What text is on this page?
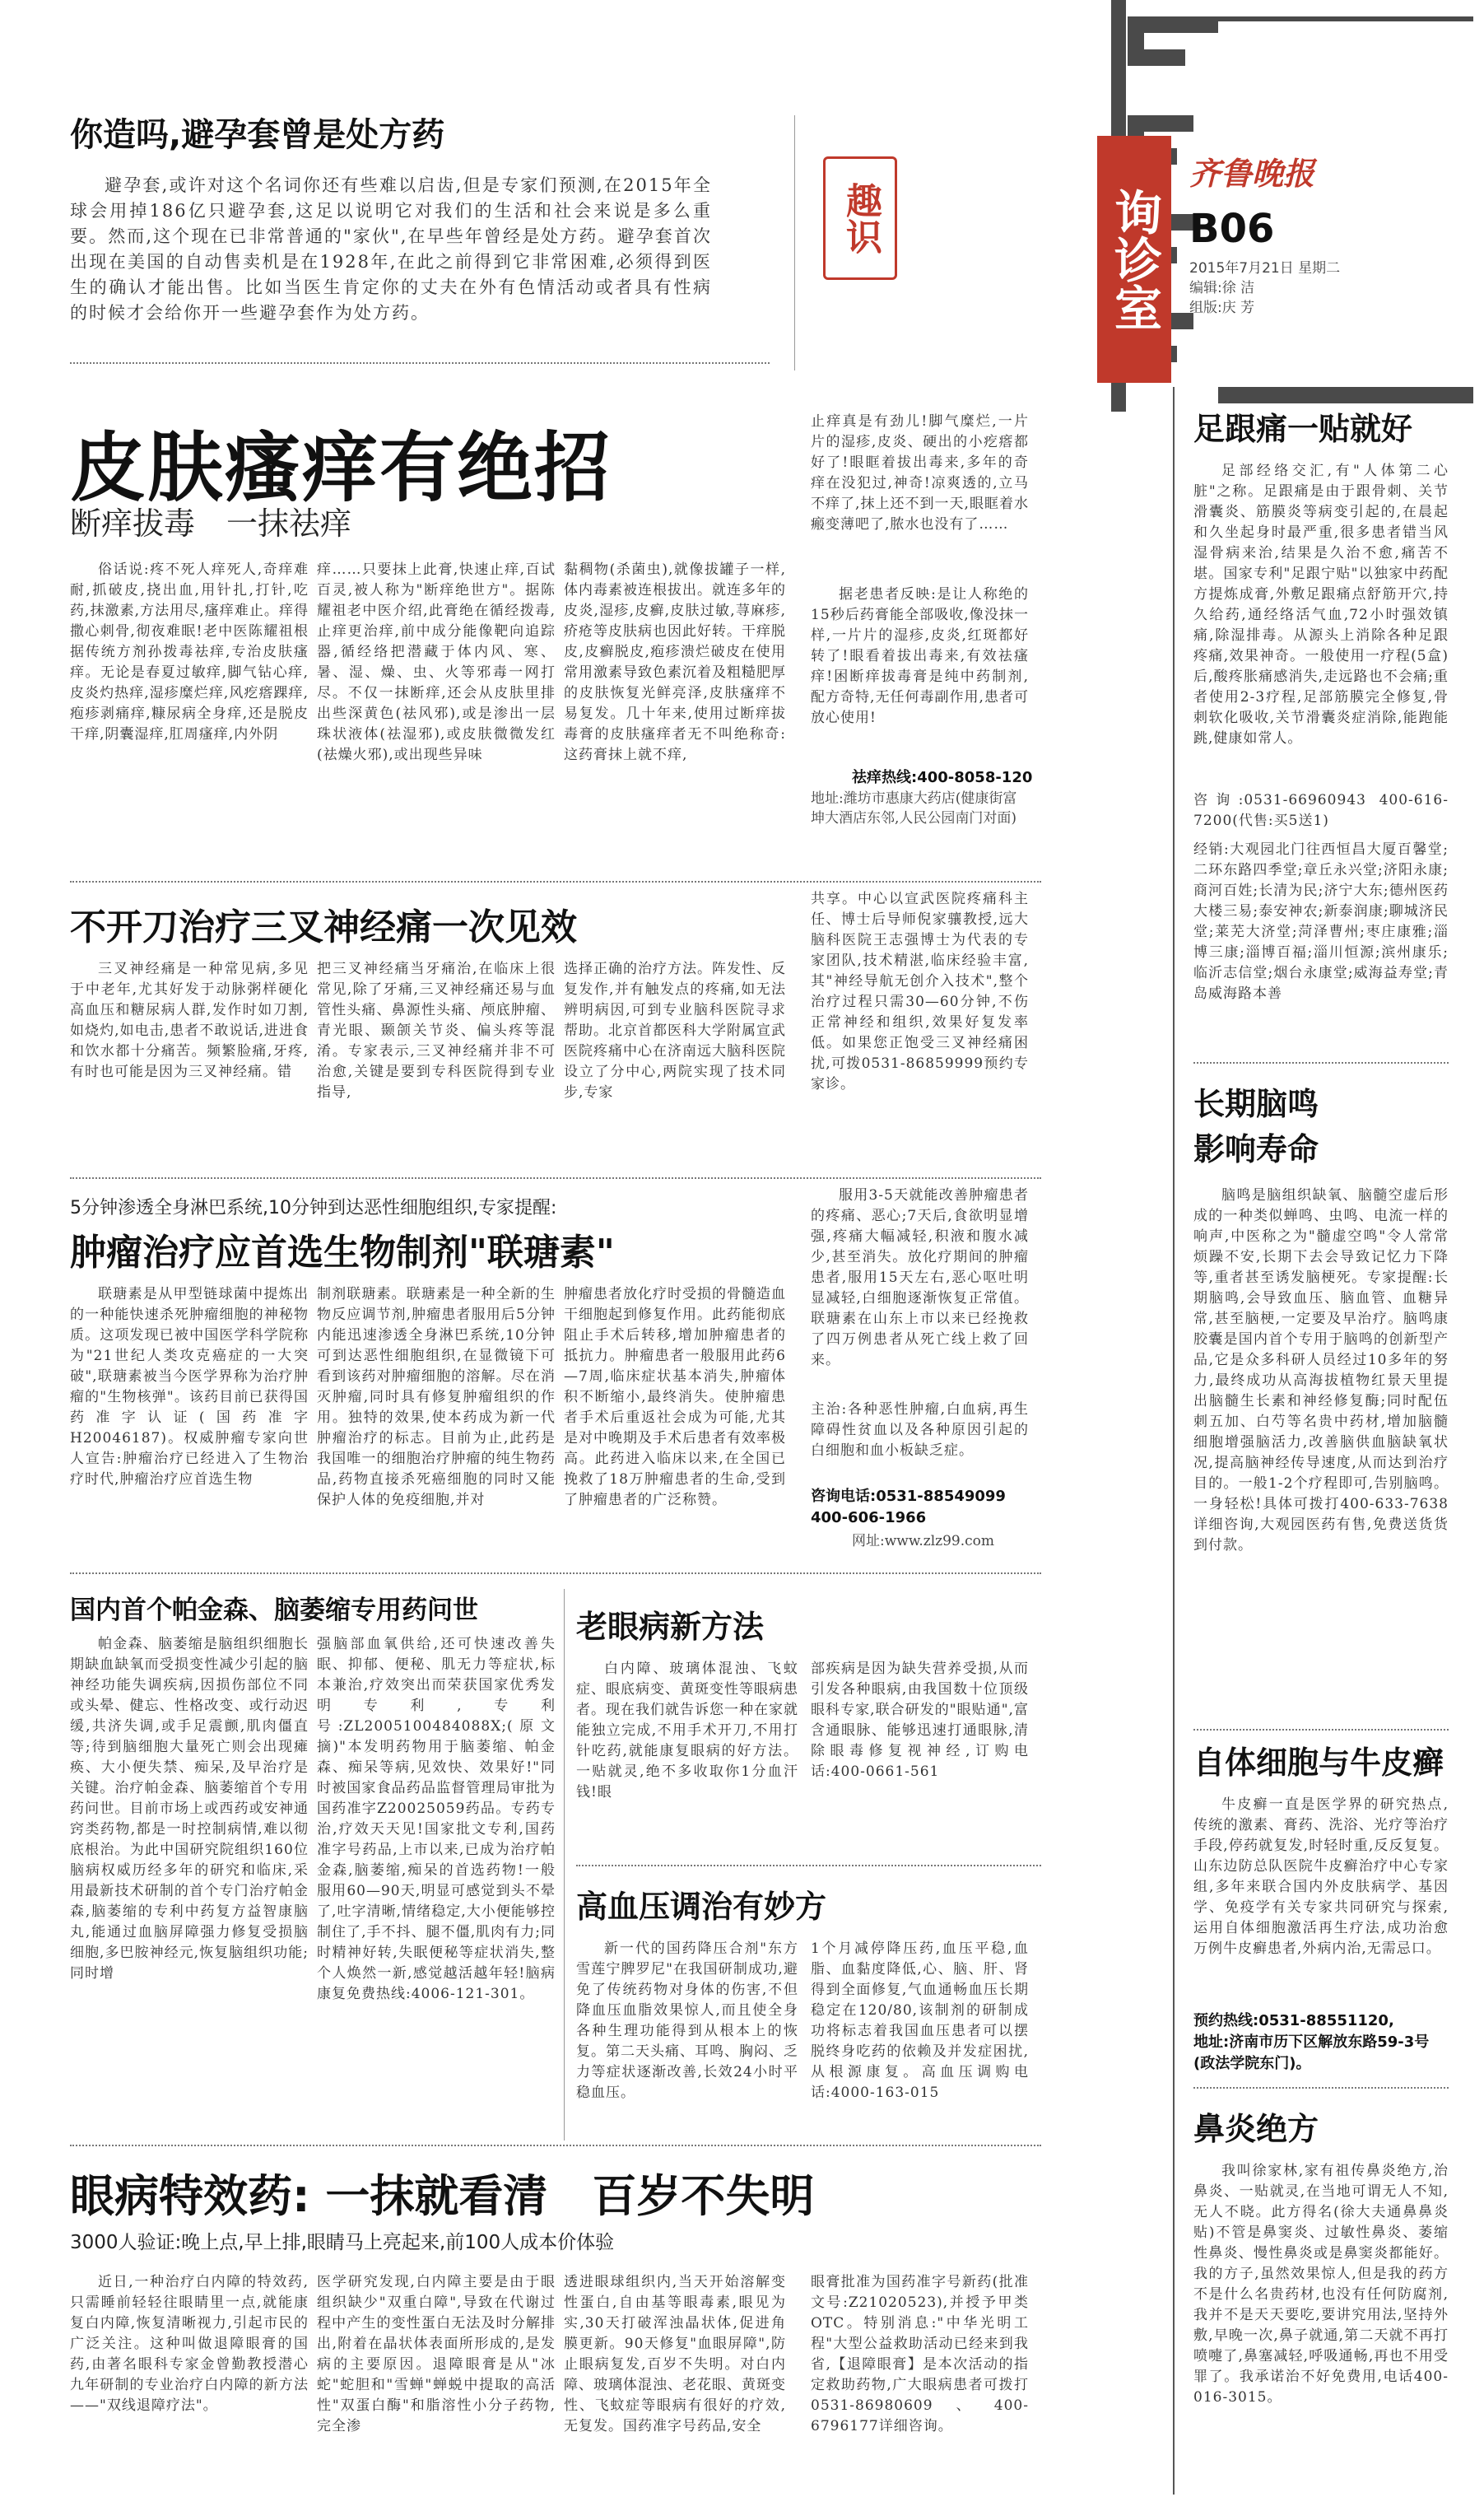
你造吗,避孕套曾是处方药
避孕套,或许对这个名词你还有些难以启齿,但是专家们预测,在2015年全球会用掉186亿只避孕套,这足以说明它对我们的生活和社会来说是多么重要。然而,这个现在已非常普通的"家伙",在早些年曾经是处方药。避孕套首次出现在美国的自动售卖机是在1928年,在此之前得到它非常困难,必须得到医生的确认才能出售。比如当医生肯定你的丈夫在外有色情活动或者具有性病的时候才会给你开一些避孕套作为处方药。
趣识	询诊室
齐鲁晚报
B06
2015年7月21日 星期二
编辑:徐 洁
组版:庆 芳
皮肤瘙痒有绝招
断痒拔毒　一抹祛痒
俗话说:疼不死人痒死人,奇痒难耐,抓破皮,挠出血,用针扎,打针,吃药,抹激素,方法用尽,瘙痒难止。痒得撒心刺骨,彻夜难眠!老中医陈耀祖根据传统方剂孙拨毒祛痒,专治皮肤瘙痒。无论是春夏过敏痒,脚气钻心痒,皮炎灼热痒,湿疹糜烂痒,风疙瘩踝痒,疱疹剥痛痒,糠尿病全身痒,还是脱皮干痒,阴囊湿痒,肛周瘙痒,内外阴
痒……只要抹上此膏,快速止痒,百试百灵,被人称为"断痒绝世方"。据陈耀祖老中医介绍,此膏绝在循经拨毒,止痒更治痒,前中成分能像靶向追踪器,循经络把潜藏于体内风、寒、暑、湿、燥、虫、火等邪毒一网打尽。不仅一抹断痒,还会从皮肤里排出些深黄色(祛风邪),或是渗出一层珠状液体(祛湿邪),或皮肤微微发红(祛燥火邪),或出现些异味
黏稠物(杀菌虫),就像拔罐子一样,体内毒素被连根拔出。就连多年的皮炎,湿疹,皮癣,皮肤过敏,荨麻疹,疥疮等皮肤病也因此好转。干痒脱皮,皮癣脱皮,疱疹溃烂破皮在使用常用激素导致色素沉着及粗糙肥厚的皮肤恢复光鲜亮泽,皮肤瘙痒不易复发。几十年来,使用过断痒拔毒膏的皮肤瘙痒者无不叫绝称奇:这药膏抹上就不痒,
止痒真是有劲儿!脚气糜烂,一片片的湿疹,皮炎、硬出的小疙瘩都好了!眼眶着拔出毒来,多年的奇痒在没犯过,神奇!凉爽透的,立马不痒了,抹上还不到一天,眼眶着水瘢变薄吧了,脓水也没有了……
据老患者反映:是让人称绝的15秒后药膏能全部吸收,像没抹一样,一片片的湿疹,皮炎,红斑都好转了!眼看着拔出毒来,有效祛瘙痒!困断痒拔毒膏是纯中药制剂,配方奇特,无任何毒副作用,患者可放心使用!
祛痒热线:400-8058-120
地址:潍坊市惠康大药店(健康街富坤大酒店东邻,人民公园南门对面)
不开刀治疗三叉神经痛一次见效
三叉神经痛是一种常见病,多见于中老年,尤其好发于动脉粥样硬化高血压和糖尿病人群,发作时如刀割,如烧灼,如电击,患者不敢说话,进进食和饮水都十分痛苦。频繁脸痛,牙疼,有时也可能是因为三叉神经痛。错
把三叉神经痛当牙痛治,在临床上很常见,除了牙痛,三叉神经痛还易与血管性头痛、鼻源性头痛、颅底肿瘤、青光眼、颞颌关节炎、偏头疼等混淆。专家表示,三叉神经痛并非不可治愈,关键是要到专科医院得到专业指导,
选择正确的治疗方法。阵发性、反复发作,并有触发点的疼痛,如无法辨明病因,可到专业脑科医院寻求帮助。北京首都医科大学附属宣武医院疼痛中心在济南远大脑科医院设立了分中心,两院实现了技术同步,专家
共享。中心以宣武医院疼痛科主任、博士后导师倪家骧教授,远大脑科医院王志强博士为代表的专家团队,技术精湛,临床经验丰富,其"神经导航无创介入技术",整个治疗过程只需30—60分钟,不伤正常神经和组织,效果好复发率低。如果您正饱受三叉神经痛困扰,可拨0531-86859999预约专家诊。
5分钟渗透全身淋巴系统,10分钟到达恶性细胞组织,专家提醒:
肿瘤治疗应首选生物制剂"联瑭素"
联瑭素是从甲型链球菌中提炼出的一种能快速杀死肿瘤细胞的神秘物质。这项发现已被中国医学科学院称为"21世纪人类攻克癌症的一大突破",联瑭素被当今医学界称为治疗肿瘤的"生物核弹"。该药目前已获得国药准字认证(国药准字H20046187)。权威肿瘤专家向世人宣告:肿瘤治疗已经进入了生物治疗时代,肿瘤治疗应首选生物
制剂联瑭素。联瑭素是一种全新的生物反应调节剂,肿瘤患者服用后5分钟内能迅速渗透全身淋巴系统,10分钟可到达恶性细胞组织,在显微镜下可看到该药对肿瘤细胞的溶解。尽在消灭肿瘤,同时具有修复肿瘤组织的作用。独特的效果,使本药成为新一代肿瘤治疗的标志。目前为止,此药是我国唯一的细胞治疗肿瘤的纯生物药品,药物直接杀死癌细胞的同时又能保护人体的免疫细胞,并对
肿瘤患者放化疗时受损的骨髓造血干细胞起到修复作用。此药能彻底阻止手术后转移,增加肿瘤患者的抵抗力。肿瘤患者一般服用此药6—7周,临床症状基本消失,肿瘤体积不断缩小,最终消失。使肿瘤患者手术后重返社会成为可能,尤其是对中晚期及手术后患者有效率极高。此药进入临床以来,在全国已挽救了18万肿瘤患者的生命,受到了肿瘤患者的广泛称赞。
服用3-5天就能改善肿瘤患者的疼痛、恶心;7天后,食欲明显增强,疼痛大幅减轻,积液和腹水减少,甚至消失。放化疗期间的肿瘤患者,服用15天左右,恶心呕吐明显减轻,白细胞逐渐恢复正常值。联瑭素在山东上市以来已经挽救了四万例患者从死亡线上救了回来。
主治:各种恶性肿瘤,白血病,再生障碍性贫血以及各种原因引起的白细胞和血小板缺乏症。
咨询电话:0531-88549099 400-606-1966
网址:www.zlz99.com
国内首个帕金森、脑萎缩专用药问世
帕金森、脑萎缩是脑组织细胞长期缺血缺氧而受损变性减少引起的脑神经功能失调疾病,因损伤部位不同或头晕、健忘、性格改变、或行动迟缓,共济失调,或手足震颤,肌肉僵直等;待到脑细胞大量死亡则会出现瘫痪、大小便失禁、痴呆,及早治疗是关键。治疗帕金森、脑萎缩首个专用药问世。目前市场上或西药或安神通窍类药物,都是一时控制病情,难以彻底根治。为此中国研究院组织160位脑病权威历经多年的研究和临床,采用最新技术研制的首个专门治疗帕金森,脑萎缩的专利中药复方益智康脑丸,能通过血脑屏障强力修复受损脑细胞,多巴胺神经元,恢复脑组织功能;同时增
强脑部血氧供给,还可快速改善失眠、抑郁、便秘、肌无力等症状,标本兼治,疗效突出而荣获国家优秀发明专利,专利号:ZL2005100484088X;(原文摘)"本发明药物用于脑萎缩、帕金森、痴呆等病,见效快、效果好!"同时被国家食品药品监督管理局审批为国药准字Z20025059药品。专药专治,疗效天天见!国家批文专利,国药准字号药品,上市以来,已成为治疗帕金森,脑萎缩,痴呆的首选药物!一般服用60—90天,明显可感觉到头不晕了,吐字清晰,情绪稳定,大小便能够控制住了,手不抖、腿不僵,肌肉有力;同时精神好转,失眠便秘等症状消失,整个人焕然一新,感觉越活越年轻!脑病康复免费热线:4006-121-301。
老眼病新方法
白内障、玻璃体混浊、飞蚊症、眼底病变、黄斑变性等眼病患者。现在我们就告诉您一种在家就能独立完成,不用手术开刀,不用打针吃药,就能康复眼病的好方法。一贴就灵,绝不多收取你1分血汗钱!眼
部疾病是因为缺失营养受损,从而引发各种眼病,由我国数十位顶级眼科专家,联合研发的"眼贴通",富含通眼脉、能够迅速打通眼脉,清除眼毒修复视神经,订购电话:400-0661-561
高血压调治有妙方
新一代的国药降压合剂"东方雪莲宁脾罗尼"在我国研制成功,避免了传统药物对身体的伤害,不但降血压血脂效果惊人,而且使全身各种生理功能得到从根本上的恢复。第二天头痛、耳鸣、胸闷、乏力等症状逐渐改善,长效24小时平稳血压。
1个月减停降压药,血压平稳,血脂、血黏度降低,心、脑、肝、肾得到全面修复,气血通畅血压长期稳定在120/80,该制剂的研制成功将标志着我国血压患者可以摆脱终身吃药的依赖及并发症困扰,从根源康复。高血压调购电话:4000-163-015
眼病特效药: 一抹就看清　百岁不失明
3000人验证:晚上点,早上排,眼睛马上亮起来,前100人成本价体验
近日,一种治疗白内障的特效药,只需睡前轻轻往眼睛里一点,就能康复白内障,恢复清晰视力,引起市民的广泛关注。这种叫做退障眼膏的国药,由著名眼科专家金曾勤教授潜心九年研制的专业治疗白内障的新方法——"双线退障疗法"。
医学研究发现,白内障主要是由于眼组织缺少"双重白障",导致在代谢过程中产生的变性蛋白无法及时分解排出,附着在晶状体表面所形成的,是发病的主要原因。退障眼膏是从"冰蛇"蛇胆和"雪蝉"蝉蜕中提取的高活性"双蛋白酶"和脂溶性小分子药物,完全渗
透进眼球组织内,当天开始溶解变性蛋白,自由基等眼毒素,眼见为实,30天打破浑浊晶状体,促进角膜更新。90天修复"血眼屏障",防止眼病复发,百岁不失明。对白内障、玻璃体混浊、老花眼、黄斑变性、飞蚊症等眼病有很好的疗效,无复发。国药准字号药品,安全
眼膏批准为国药准字号新药(批准文号:Z21020523),并授予甲类OTC。特别消息:"中华光明工程"大型公益救助活动已经来到我省,【退障眼膏】是本次活动的指定救助药物,广大眼病患者可拨打0531-86980609、400-6796177详细咨询。
足跟痛一贴就好
足部经络交汇,有"人体第二心脏"之称。足跟痛是由于跟骨刺、关节滑囊炎、筋膜炎等病变引起的,在晨起和久坐起身时最严重,很多患者错当风湿骨病来治,结果是久治不愈,痛苦不堪。国家专利"足跟宁贴"以独家中药配方提炼成膏,外敷足跟痛点舒筋开穴,持久给药,通经络活气血,72小时强效镇痛,除湿排毒。从源头上消除各种足跟疼痛,效果神奇。一般使用一疗程(5盒)后,酸疼胀痛感消失,走远路也不会痛;重者使用2-3疗程,足部筋膜完全修复,骨刺软化吸收,关节滑囊炎症消除,能跑能跳,健康如常人。
咨询:0531-66960943 400-616-7200(代售:买5送1)
经销:大观园北门往西恒昌大厦百馨堂;二环东路四季堂;章丘永兴堂;济阳永康;商河百姓;长清为民;济宁大东;德州医药大楼三易;泰安神农;新泰润康;聊城济民堂;莱芜大济堂;菏泽曹州;枣庄康雅;淄博三康;淄博百福;淄川恒源;滨州康乐;临沂志信堂;烟台永康堂;威海益寿堂;青岛威海路本善
长期脑鸣
影响寿命
脑鸣是脑组织缺氧、脑髓空虚后形成的一种类似蝉鸣、虫鸣、电流一样的响声,中医称之为"髓虚空鸣"令人常常烦躁不安,长期下去会导致记忆力下降等,重者甚至诱发脑梗死。专家提醒:长期脑鸣,会导致血压、脑血管、血糖异常,甚至脑梗,一定要及早治疗。脑鸣康胶囊是国内首个专用于脑鸣的创新型产品,它是众多科研人员经过10多年的努力,最终成功从高海拔植物红景天里提出脑髓生长素和神经修复酶;同时配伍刺五加、白芍等名贵中药材,增加脑髓细胞增强脑活力,改善脑供血脑缺氧状况,提高脑神经传导速度,从而达到治疗目的。一般1-2个疗程即可,告别脑鸣。一身轻松!具体可拨打400-633-7638详细咨询,大观园医药有售,免费送货货到付款。
自体细胞与牛皮癣
牛皮癣一直是医学界的研究热点,传统的激素、膏药、洗浴、光疗等治疗手段,停药就复发,时轻时重,反反复复。山东边防总队医院牛皮癣治疗中心专家组,多年来联合国内外皮肤病学、基因学、免疫学有关专家共同研究与探索,运用自体细胞激活再生疗法,成功治愈万例牛皮癣患者,外病内治,无需忌口。
预约热线:0531-88551120,
地址:济南市历下区解放东路59-3号(政法学院东门)。
鼻炎绝方
我叫徐家林,家有祖传鼻炎绝方,治鼻炎、一贴就灵,在当地可谓无人不知,无人不晓。此方得名(徐大夫通鼻鼻炎贴)不管是鼻窦炎、过敏性鼻炎、萎缩性鼻炎、慢性鼻炎或是鼻窦炎都能好。我的方子,虽然效果惊人,但是我的药方不是什么名贵药材,也没有任何防腐剂,我并不是天天要吃,要讲究用法,坚持外敷,早晚一次,鼻子就通,第二天就不再打喷嚏了,鼻塞减轻,呼吸通畅,再也不用受罪了。我承诺治不好免费用,电话400-016-3015。
